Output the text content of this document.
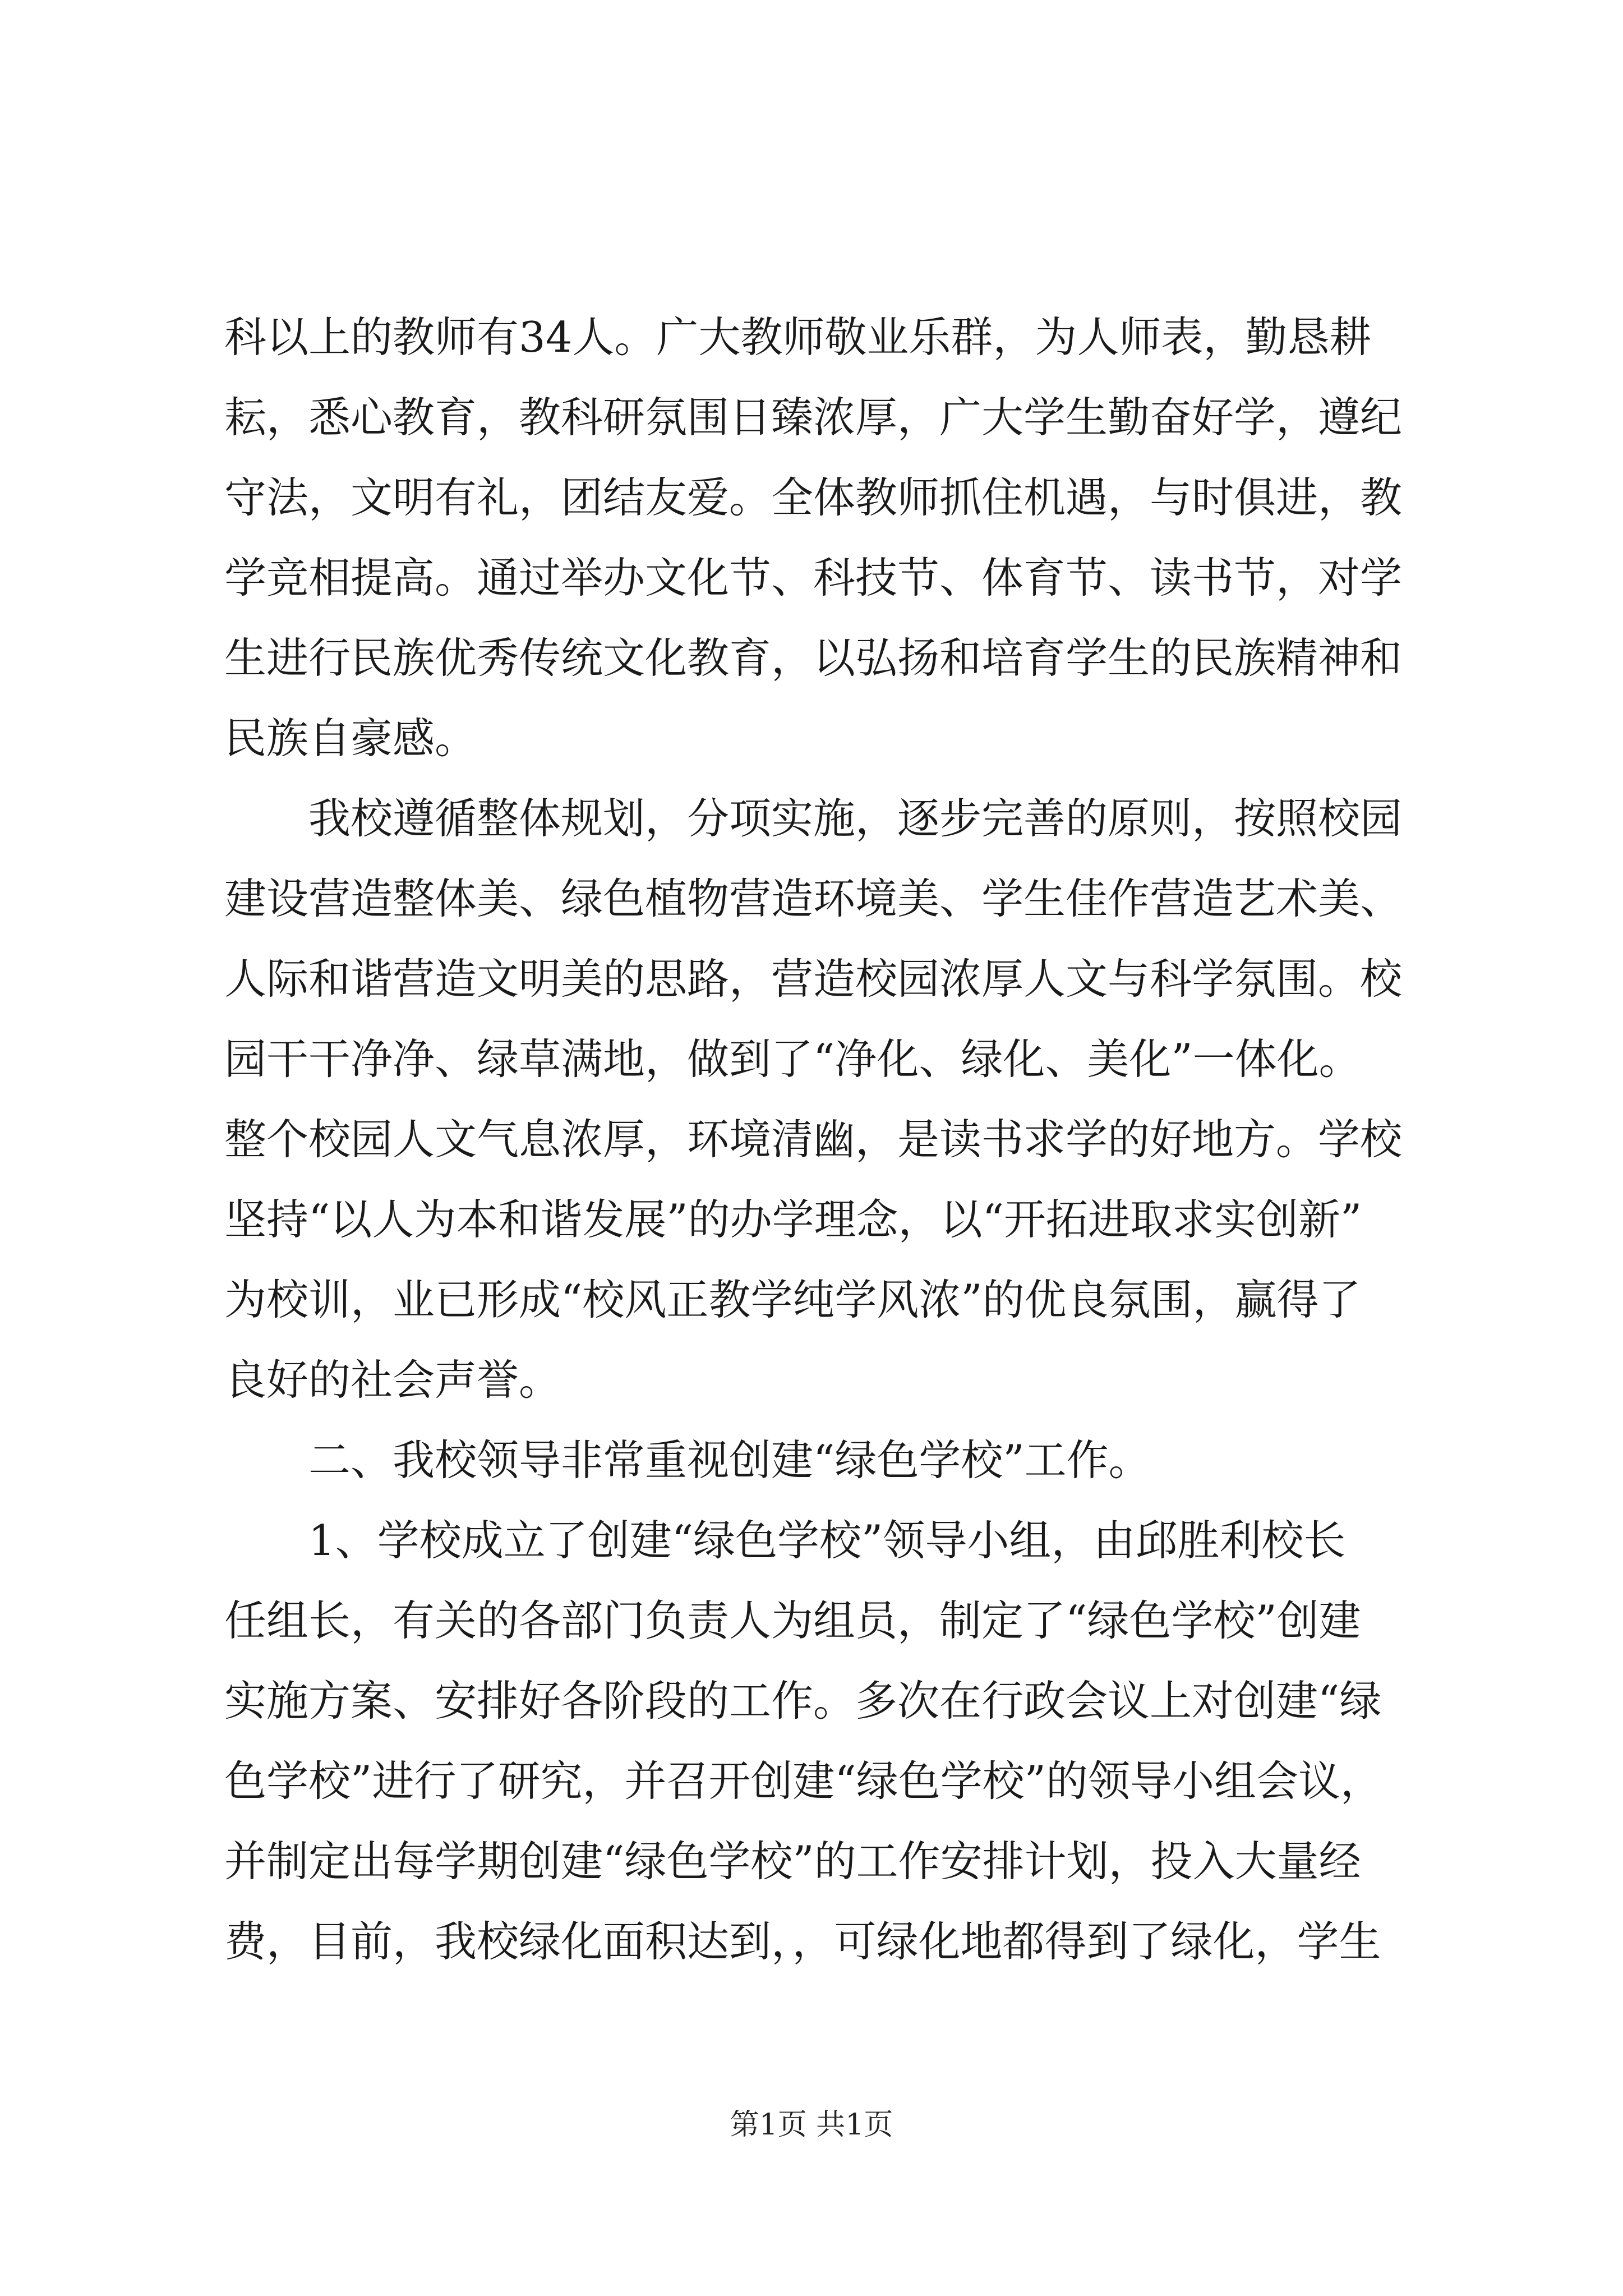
科以上的教师有34人。广大教师敬业乐群，为人师表，勤恳耕
耘，悉心教育，教科研氛围日臻浓厚，广大学生勤奋好学，遵纪
守法，文明有礼，团结友爱。全体教师抓住机遇，与时俱进，教
学竞相提高。通过举办文化节、科技节、体育节、读书节，对学
生进行民族优秀传统文化教育，以弘扬和培育学生的民族精神和
民族自豪感。
我校遵循整体规划，分项实施，逐步完善的原则，按照校园
建设营造整体美、绿色植物营造环境美、学生佳作营造艺术美、
人际和谐营造文明美的思路，营造校园浓厚人文与科学氛围。校
园干干净净、绿草满地，做到了“净化、绿化、美化”一体化。
整个校园人文气息浓厚，环境清幽，是读书求学的好地方。学校
坚持“以人为本和谐发展”的办学理念，以“开拓进取求实创新”
为校训，业已形成“校风正教学纯学风浓”的优良氛围，赢得了
良好的社会声誉。
二、我校领导非常重视创建“绿色学校”工作。
1、学校成立了创建“绿色学校”领导小组，由邱胜利校长
任组长，有关的各部门负责人为组员，制定了“绿色学校”创建
实施方案、安排好各阶段的工作。多次在行政会议上对创建“绿
色学校”进行了研究，并召开创建“绿色学校”的领导小组会议，
并制定出每学期创建“绿色学校”的工作安排计划，投入大量经
费，目前，我校绿化面积达到，，可绿化地都得到了绿化，学生
第1页 共1页
